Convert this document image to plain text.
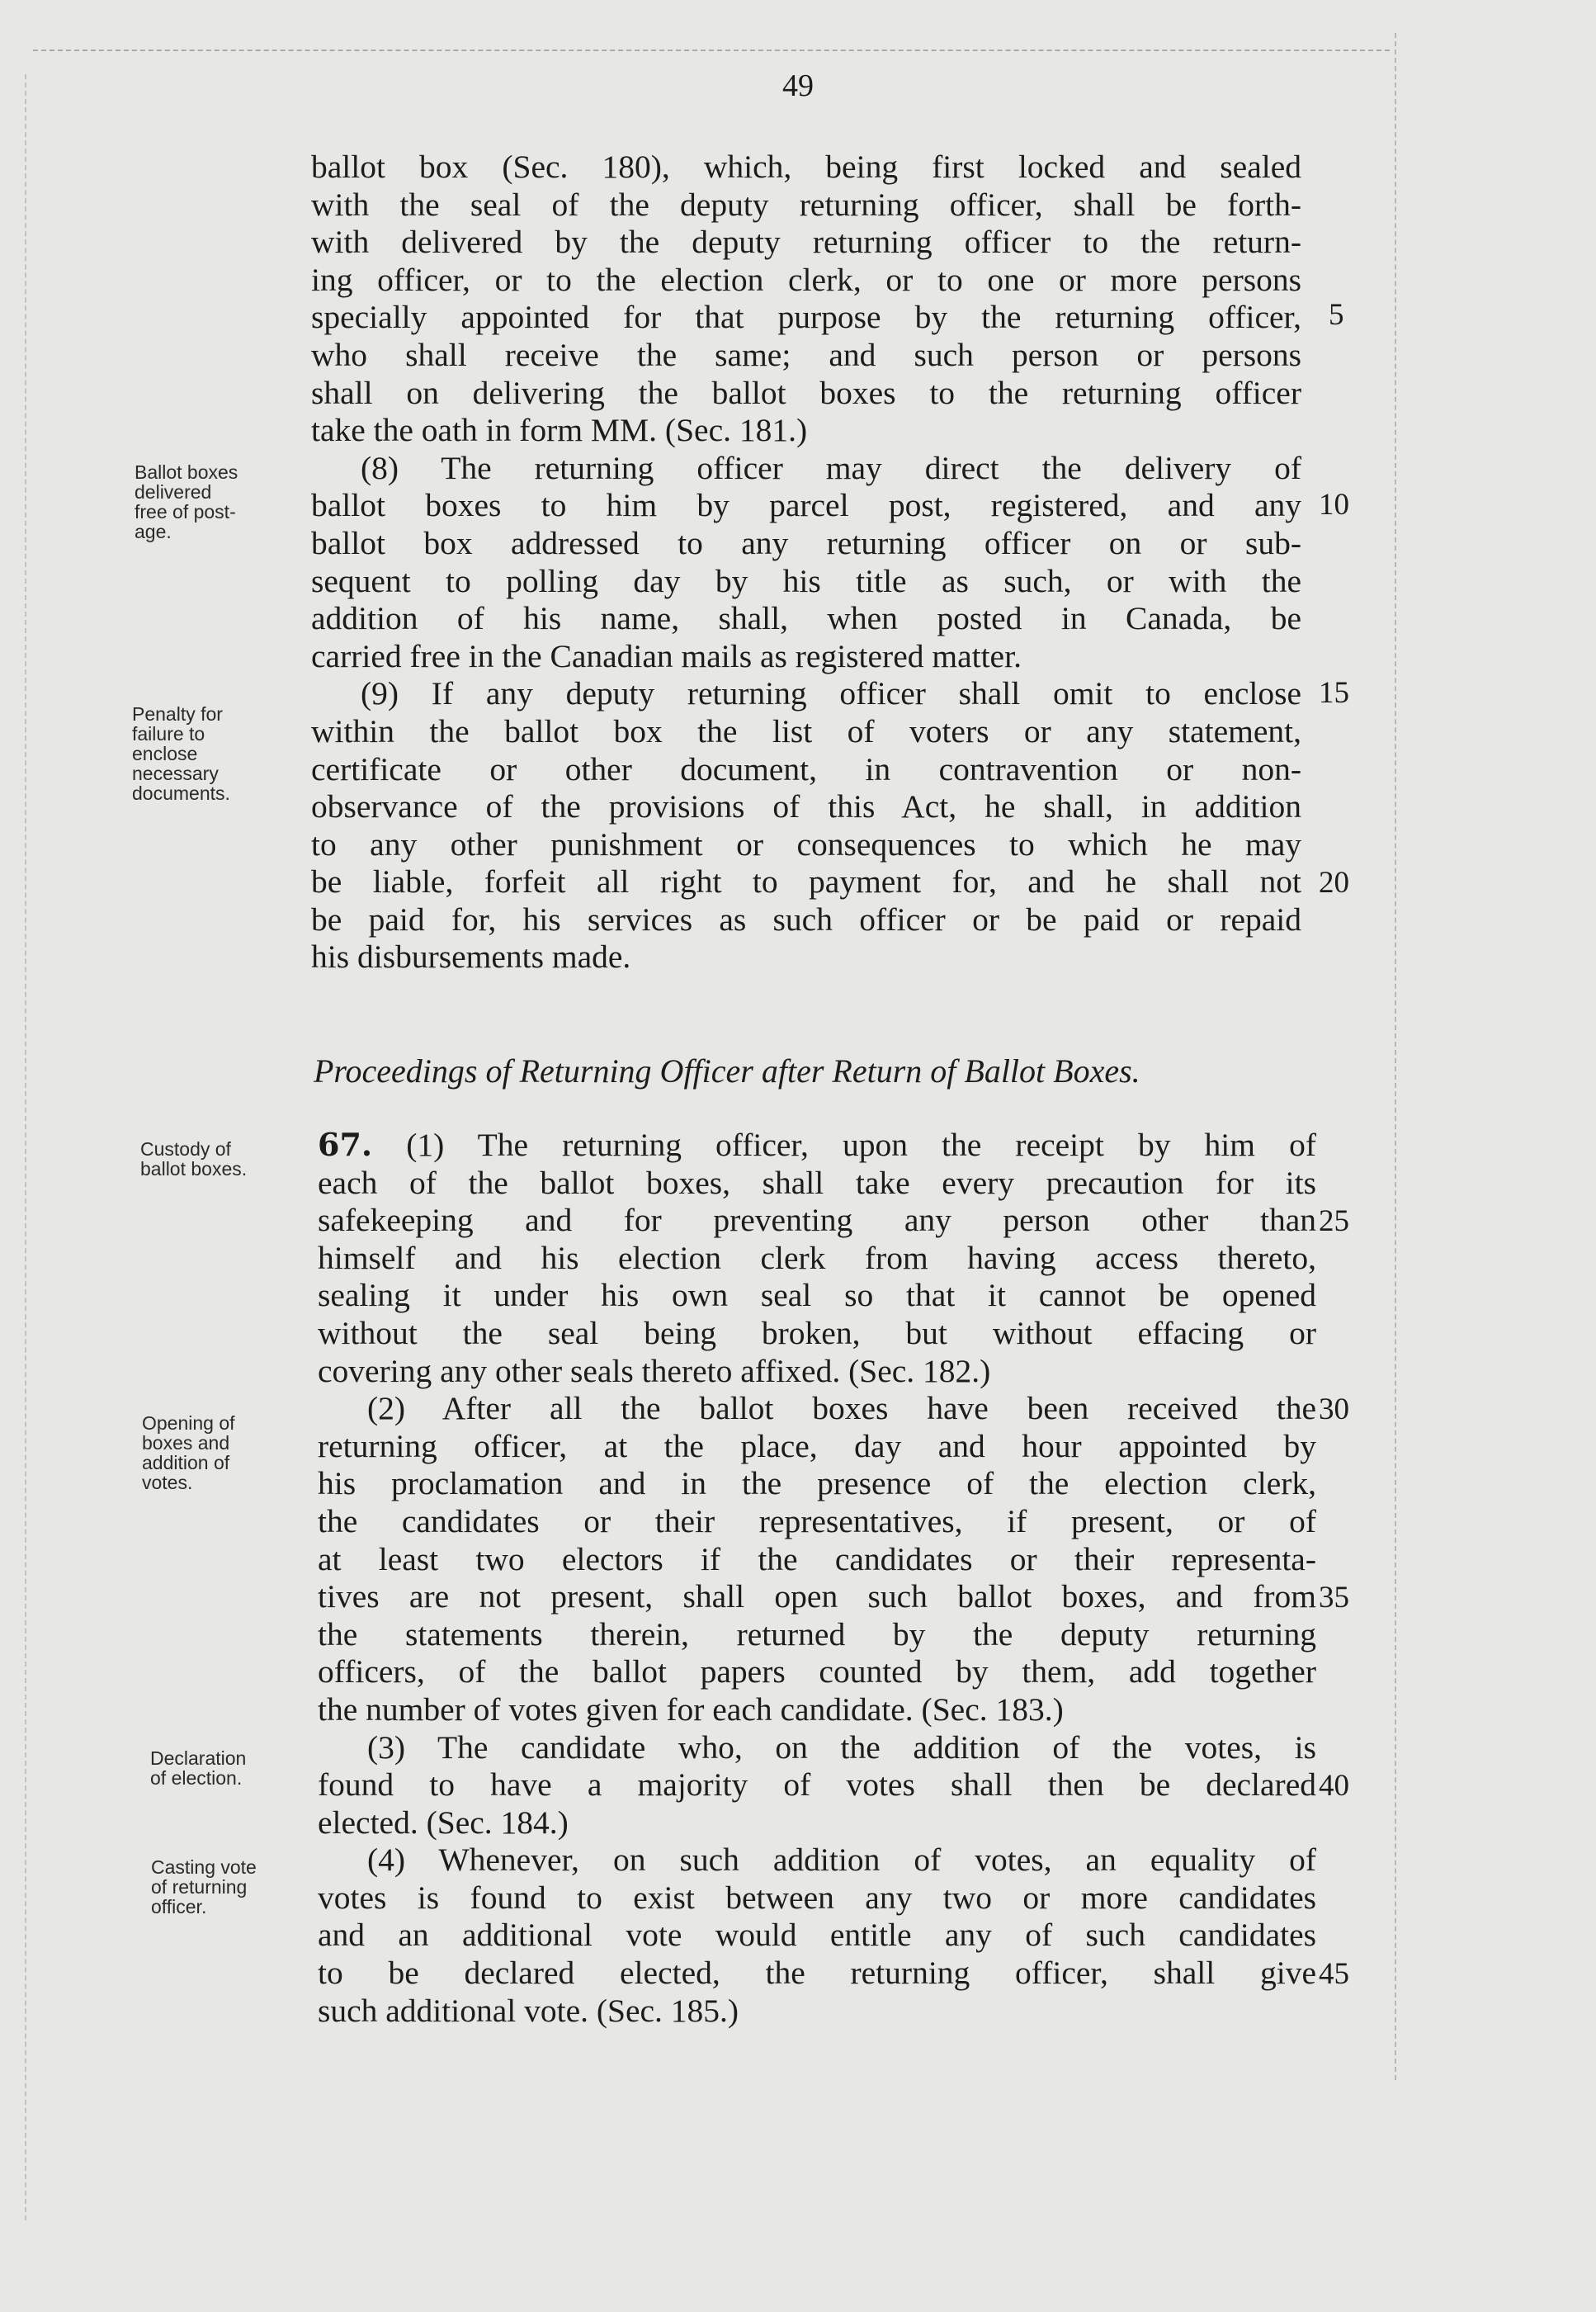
49
ballot box (Sec. 180), which, being first locked and sealed
with the seal of the deputy returning officer, shall be forth-
with delivered by the deputy returning officer to the return-
ing officer, or to the election clerk, or to one or more persons
specially appointed for that purpose by the returning officer,
who shall receive the same; and such person or persons
shall on delivering the ballot boxes to the returning officer
take the oath in form MM. (Sec. 181.)
(8) The returning officer may direct the delivery of
ballot boxes to him by parcel post, registered, and any
ballot box addressed to any returning officer on or sub-
sequent to polling day by his title as such, or with the
addition of his name, shall, when posted in Canada, be
carried free in the Canadian mails as registered matter.
(9) If any deputy returning officer shall omit to enclose
within the ballot box the list of voters or any statement,
certificate or other document, in contravention or non-
observance of the provisions of this Act, he shall, in addition
to any other punishment or consequences to which he may
be liable, forfeit all right to payment for, and he shall not
be paid for, his services as such officer or be paid or repaid
his disbursements made.
Proceedings of Returning Officer after Return of Ballot Boxes.
67. (1) The returning officer, upon the receipt by him of
each of the ballot boxes, shall take every precaution for its
safekeeping and for preventing any person other than
himself and his election clerk from having access thereto,
sealing it under his own seal so that it cannot be opened
without the seal being broken, but without effacing or
covering any other seals thereto affixed. (Sec. 182.)
(2) After all the ballot boxes have been received the
returning officer, at the place, day and hour appointed by
his proclamation and in the presence of the election clerk,
the candidates or their representatives, if present, or of
at least two electors if the candidates or their representa-
tives are not present, shall open such ballot boxes, and from
the statements therein, returned by the deputy returning
officers, of the ballot papers counted by them, add together
the number of votes given for each candidate. (Sec. 183.)
(3) The candidate who, on the addition of the votes, is
found to have a majority of votes shall then be declared
elected. (Sec. 184.)
(4) Whenever, on such addition of votes, an equality of
votes is found to exist between any two or more candidates
and an additional vote would entitle any of such candidates
to be declared elected, the returning officer, shall give
such additional vote. (Sec. 185.)
Ballot boxes
delivered
free of post-
age.
Penalty for
failure to
enclose
necessary
documents.
Custody of
ballot boxes.
Opening of
boxes and
addition of
votes.
Declaration
of election.
Casting vote
of returning
officer.
5
10
15
20
25
30
35
40
45
